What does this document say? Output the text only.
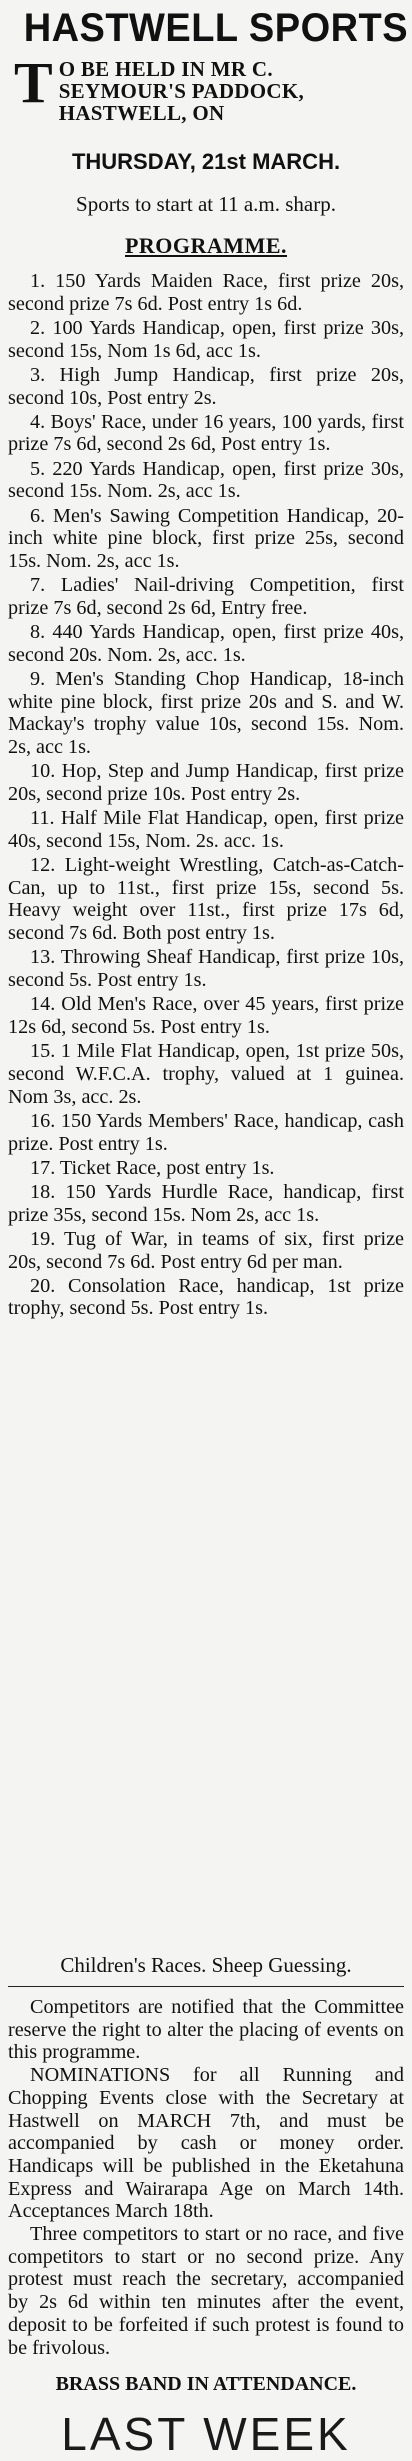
HASTWELL SPORTS
T O BE HELD IN MR C. SEYMOUR'S PADDOCK, HASTWELL, ON
THURSDAY, 21st MARCH.
Sports to start at 11 a.m. sharp.
PROGRAMME.

1. 150 Yards Maiden Race, first prize 20s, second prize 7s 6d. Post entry 1s 6d.

2. 100 Yards Handicap, open, first prize 30s, second 15s, Nom 1s 6d, acc 1s.

3. High Jump Handicap, first prize 20s, second 10s, Post entry 2s.

4. Boys' Race, under 16 years, 100 yards, first prize 7s 6d, second 2s 6d, Post entry 1s.

5. 220 Yards Handicap, open, first prize 30s, second 15s. Nom. 2s, acc 1s.

6. Men's Sawing Competition Handicap, 20-inch white pine block, first prize 25s, second 15s. Nom. 2s, acc 1s.

7. Ladies' Nail-driving Competition, first prize 7s 6d, second 2s 6d, Entry free.

8. 440 Yards Handicap, open, first prize 40s, second 20s. Nom. 2s, acc. 1s.

9. Men's Standing Chop Handicap, 18-inch white pine block, first prize 20s and S. and W. Mackay's trophy value 10s, second 15s. Nom. 2s, acc 1s.

10. Hop, Step and Jump Handicap, first prize 20s, second prize 10s. Post entry 2s.

11. Half Mile Flat Handicap, open, first prize 40s, second 15s, Nom. 2s. acc. 1s.

12. Light-weight Wrestling, Catch-as-Catch-Can, up to 11st., first prize 15s, second 5s. Heavy weight over 11st., first prize 17s 6d, second 7s 6d. Both post entry 1s.

13. Throwing Sheaf Handicap, first prize 10s, second 5s. Post entry 1s.

14. Old Men's Race, over 45 years, first prize 12s 6d, second 5s. Post entry 1s.

15. 1 Mile Flat Handicap, open, 1st prize 50s, second W.F.C.A. trophy, valued at 1 guinea. Nom 3s, acc. 2s.

16. 150 Yards Members' Race, handicap, cash prize. Post entry 1s.

17. Ticket Race, post entry 1s.

18. 150 Yards Hurdle Race, handicap, first prize 35s, second 15s. Nom 2s, acc 1s.

19. Tug of War, in teams of six, first prize 20s, second 7s 6d. Post entry 6d per man.

20. Consolation Race, handicap, 1st prize trophy, second 5s. Post entry 1s.

Children's Races. Sheep Guessing.

Competitors are notified that the Committee reserve the right to alter the placing of events on this programme.

NOMINATIONS for all Running and Chopping Events close with the Secretary at Hastwell on MARCH 7th, and must be accompanied by cash or money order. Handicaps will be published in the Eketahuna Express and Wairarapa Age on March 14th. Acceptances March 18th.

Three competitors to start or no race, and five competitors to start or no second prize. Any protest must reach the secretary, accompanied by 2s 6d within ten minutes after the event, deposit to be forfeited if such protest is found to be frivolous.

BRASS BAND IN ATTENDANCE.
LAST WEEK
